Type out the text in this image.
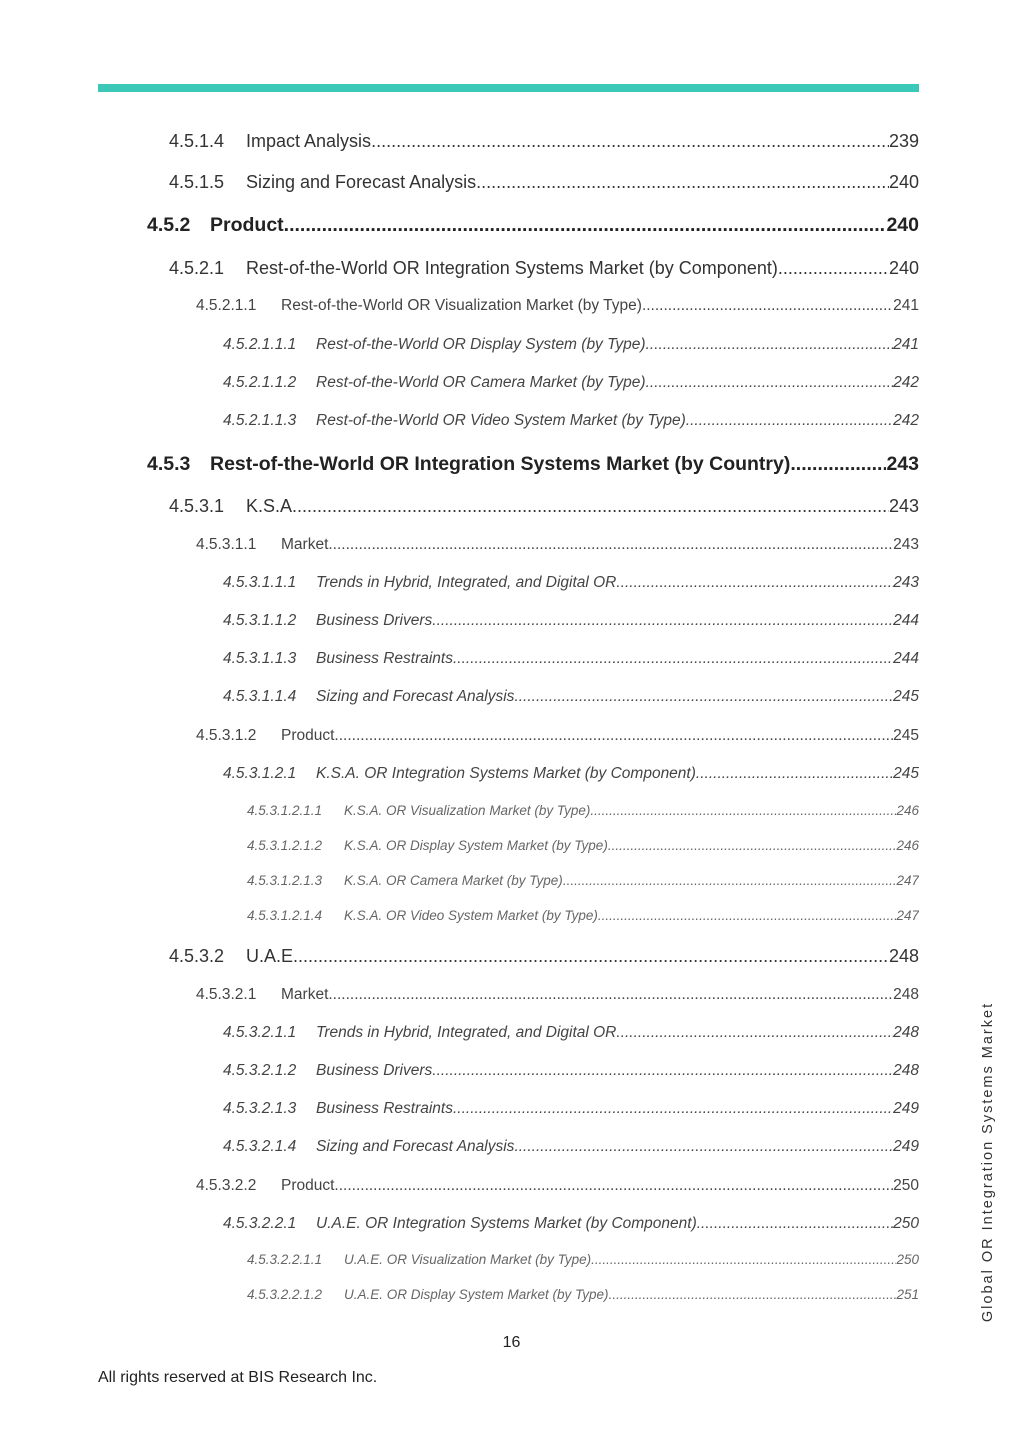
4.5.1.4	Impact Analysis .....	239
4.5.1.5	Sizing and Forecast Analysis .....	240
4.5.2	Product .....	240
4.5.2.1	Rest-of-the-World OR Integration Systems Market (by Component) .....	240
4.5.2.1.1	Rest-of-the-World OR Visualization Market (by Type) .....	241
4.5.2.1.1.1	Rest-of-the-World OR Display System (by Type) .....	241
4.5.2.1.1.2	Rest-of-the-World OR Camera Market (by Type) .....	242
4.5.2.1.1.3	Rest-of-the-World OR Video System Market (by Type) .....	242
4.5.3	Rest-of-the-World OR Integration Systems Market (by Country) .....	243
4.5.3.1	K.S.A. .....	243
4.5.3.1.1	Market .....	243
4.5.3.1.1.1	Trends in Hybrid, Integrated, and Digital OR .....	243
4.5.3.1.1.2	Business Drivers .....	244
4.5.3.1.1.3	Business Restraints .....	244
4.5.3.1.1.4	Sizing and Forecast Analysis .....	245
4.5.3.1.2	Product .....	245
4.5.3.1.2.1	K.S.A. OR Integration Systems Market (by Component) .....	245
4.5.3.1.2.1.1	K.S.A. OR Visualization Market (by Type) .....	246
4.5.3.1.2.1.2	K.S.A. OR Display System Market (by Type) .....	246
4.5.3.1.2.1.3	K.S.A. OR Camera Market (by Type) .....	247
4.5.3.1.2.1.4	K.S.A. OR Video System Market (by Type) .....	247
4.5.3.2	U.A.E. .....	248
4.5.3.2.1	Market .....	248
4.5.3.2.1.1	Trends in Hybrid, Integrated, and Digital OR .....	248
4.5.3.2.1.2	Business Drivers .....	248
4.5.3.2.1.3	Business Restraints .....	249
4.5.3.2.1.4	Sizing and Forecast Analysis .....	249
4.5.3.2.2	Product .....	250
4.5.3.2.2.1	U.A.E. OR Integration Systems Market (by Component) .....	250
4.5.3.2.2.1.1	U.A.E. OR Visualization Market (by Type) .....	250
4.5.3.2.2.1.2	U.A.E. OR Display System Market (by Type) .....	251
16
All rights reserved at BIS Research Inc.
Global OR Integration Systems Market
